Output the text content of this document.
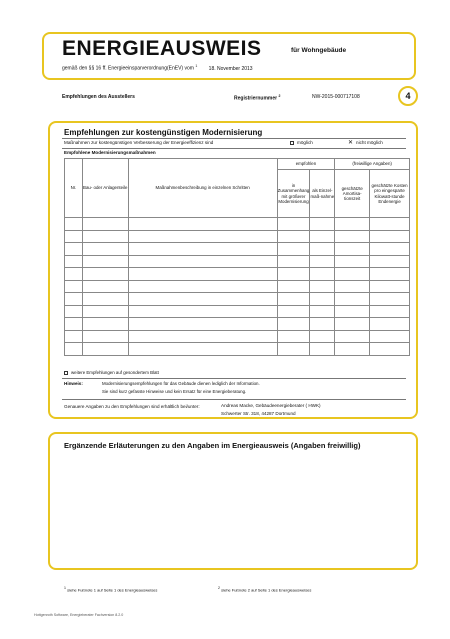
ENERGIEAUSWEIS	für Wohngebäude
gemäß den §§ 16 ff. Energieeinsparverordnung(EnEV) vom $^1$ 18. November 2013
Empfehlungen des Ausstellers	Registriernummer $^2$	NW-2015-000717108	4
Empfehlungen zur kostengünstigen Modernisierung
Maßnahmen zur kostengünstigen Verbesserung der Energieeffizienz sind	möglich	✕ nicht möglich
Empfohlene Modernisierungsmaßnahmen
Nr.	Bau- oder Anlagenteile	Maßnahmenbeschreibung in einzelnen Schritten	empfohlen		(freiwillige Angaben)	
			in Zusammenhang mit größerer Modernisierung	als Einzel-maß-nahme	geschätzte Amortisa-tionszeit	geschätzte Kosten pro eingesparte Kilowatt-stunde Endenergie

weitere Empfehlungen auf gesondertem Blatt
Hinweis:	Modernisierungsempfehlungen für das Gebäude dienen lediglich der Information.
Sie sind kurz gefasste Hinweise und kein Ersatz für eine Energieberatung.
Genauere Angaben zu den Empfehlungen sind erhältlich bei/unter:	Andreas Macke, Gebäudeenergieberater ( HWK)
Schwerter Str. 318, 44287 Dortmund
Ergänzende Erläuterungen zu den Angaben im Energieausweis (Angaben freiwillig)
$^1$ siehe Fußnote 1 auf Seite 1 des Energieausweises	$^2$ siehe Fußnote 2 auf Seite 1 des Energieausweises
Hottgenroth Software, Energieberater Fachversion 8.2.0
